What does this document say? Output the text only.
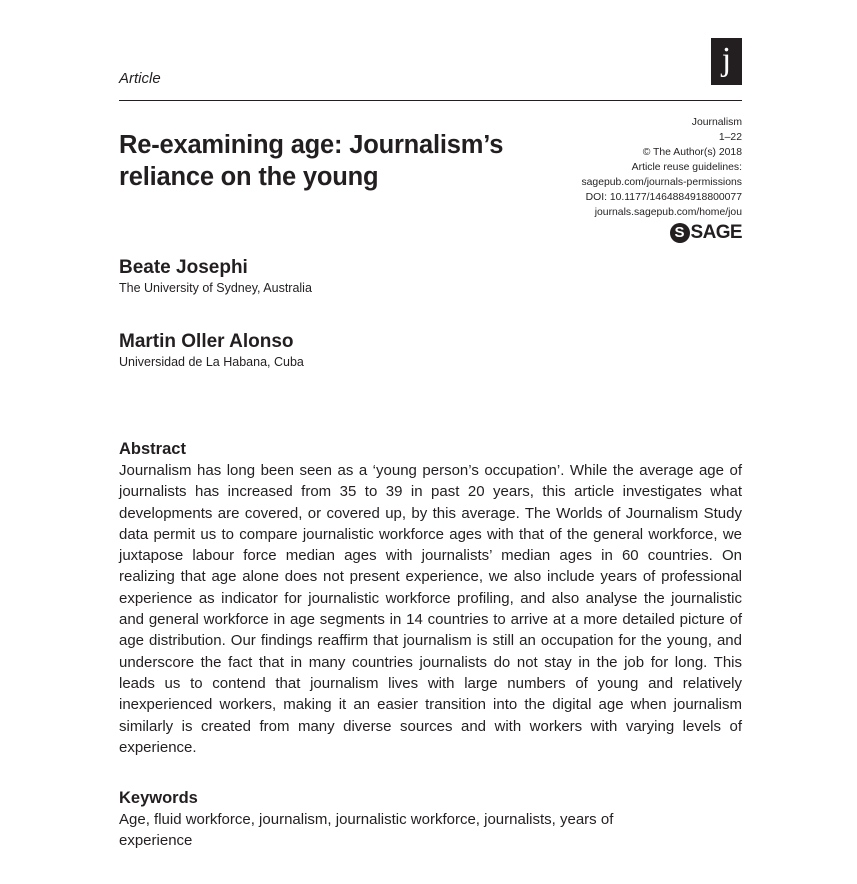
j
Article
Re-examining age: Journalism’s reliance on the young
Journalism
1–22
© The Author(s) 2018
Article reuse guidelines:
sagepub.com/journals-permissions
DOI: 10.1177/1464884918800077
journals.sagepub.com/home/jou
S SAGE

Beate Josephi

The University of Sydney, Australia

Martin Oller Alonso

Universidad de La Habana, Cuba

Abstract

Journalism has long been seen as a ‘young person’s occupation’. While the average age of journalists has increased from 35 to 39 in past 20 years, this article investigates what developments are covered, or covered up, by this average. The Worlds of Journalism Study data permit us to compare journalistic workforce ages with that of the general workforce, we juxtapose labour force median ages with journalists’ median ages in 60 countries. On realizing that age alone does not present experience, we also include years of professional experience as indicator for journalistic workforce profiling, and also analyse the journalistic and general workforce in age segments in 14 countries to arrive at a more detailed picture of age distribution. Our findings reaffirm that journalism is still an occupation for the young, and underscore the fact that in many countries journalists do not stay in the job for long. This leads us to contend that journalism lives with large numbers of young and relatively inexperienced workers, making it an easier transition into the digital age when journalism similarly is created from many diverse sources and with workers with varying levels of experience.

Keywords

Age, fluid workforce, journalism, journalistic workforce, journalists, years of experience
